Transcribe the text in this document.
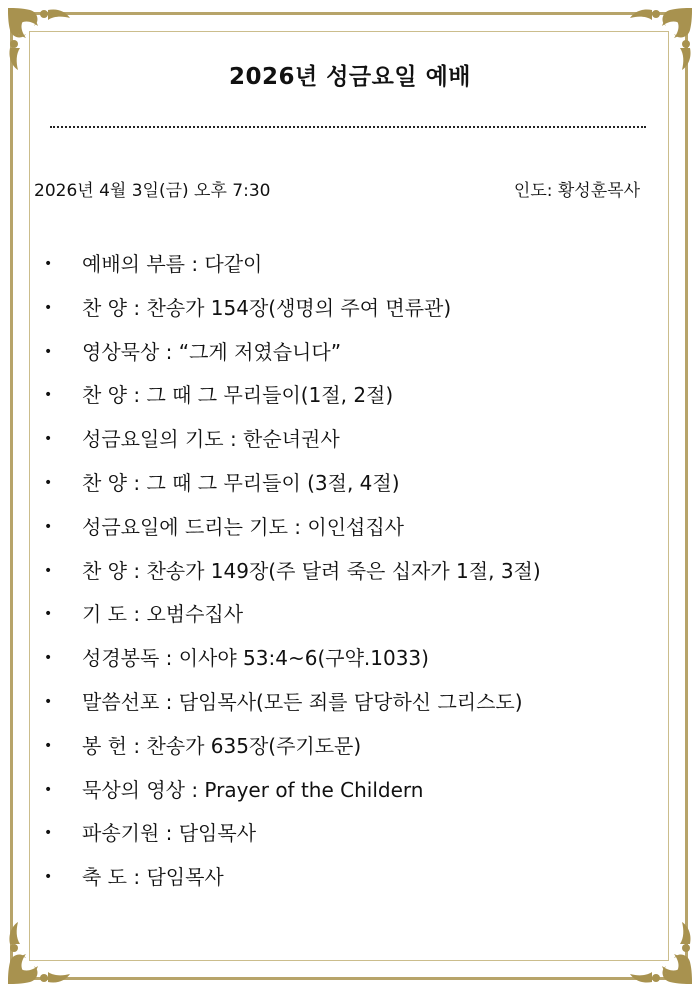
2026년 성금요일 예배
2026년 4월 3일(금) 오후 7:30	인도: 황성훈목사
•	예배의 부름 : 다같이
•	찬 양 : 찬송가 154장(생명의 주여 면류관)
•	영상묵상 : “그게 저였습니다”
•	찬 양 : 그 때 그 무리들이(1절, 2절)
•	성금요일의 기도 : 한순녀권사
•	찬 양 : 그 때 그 무리들이 (3절, 4절)
•	성금요일에 드리는 기도 : 이인섭집사
•	찬 양 : 찬송가 149장(주 달려 죽은 십자가 1절, 3절)
•	기 도 : 오범수집사
•	성경봉독 : 이사야 53:4~6(구약.1033)
•	말씀선포 : 담임목사(모든 죄를 담당하신 그리스도)
•	봉 헌 : 찬송가 635장(주기도문)
•	묵상의 영상 : Prayer of the Childern
•	파송기원 : 담임목사
•	축 도 : 담임목사
